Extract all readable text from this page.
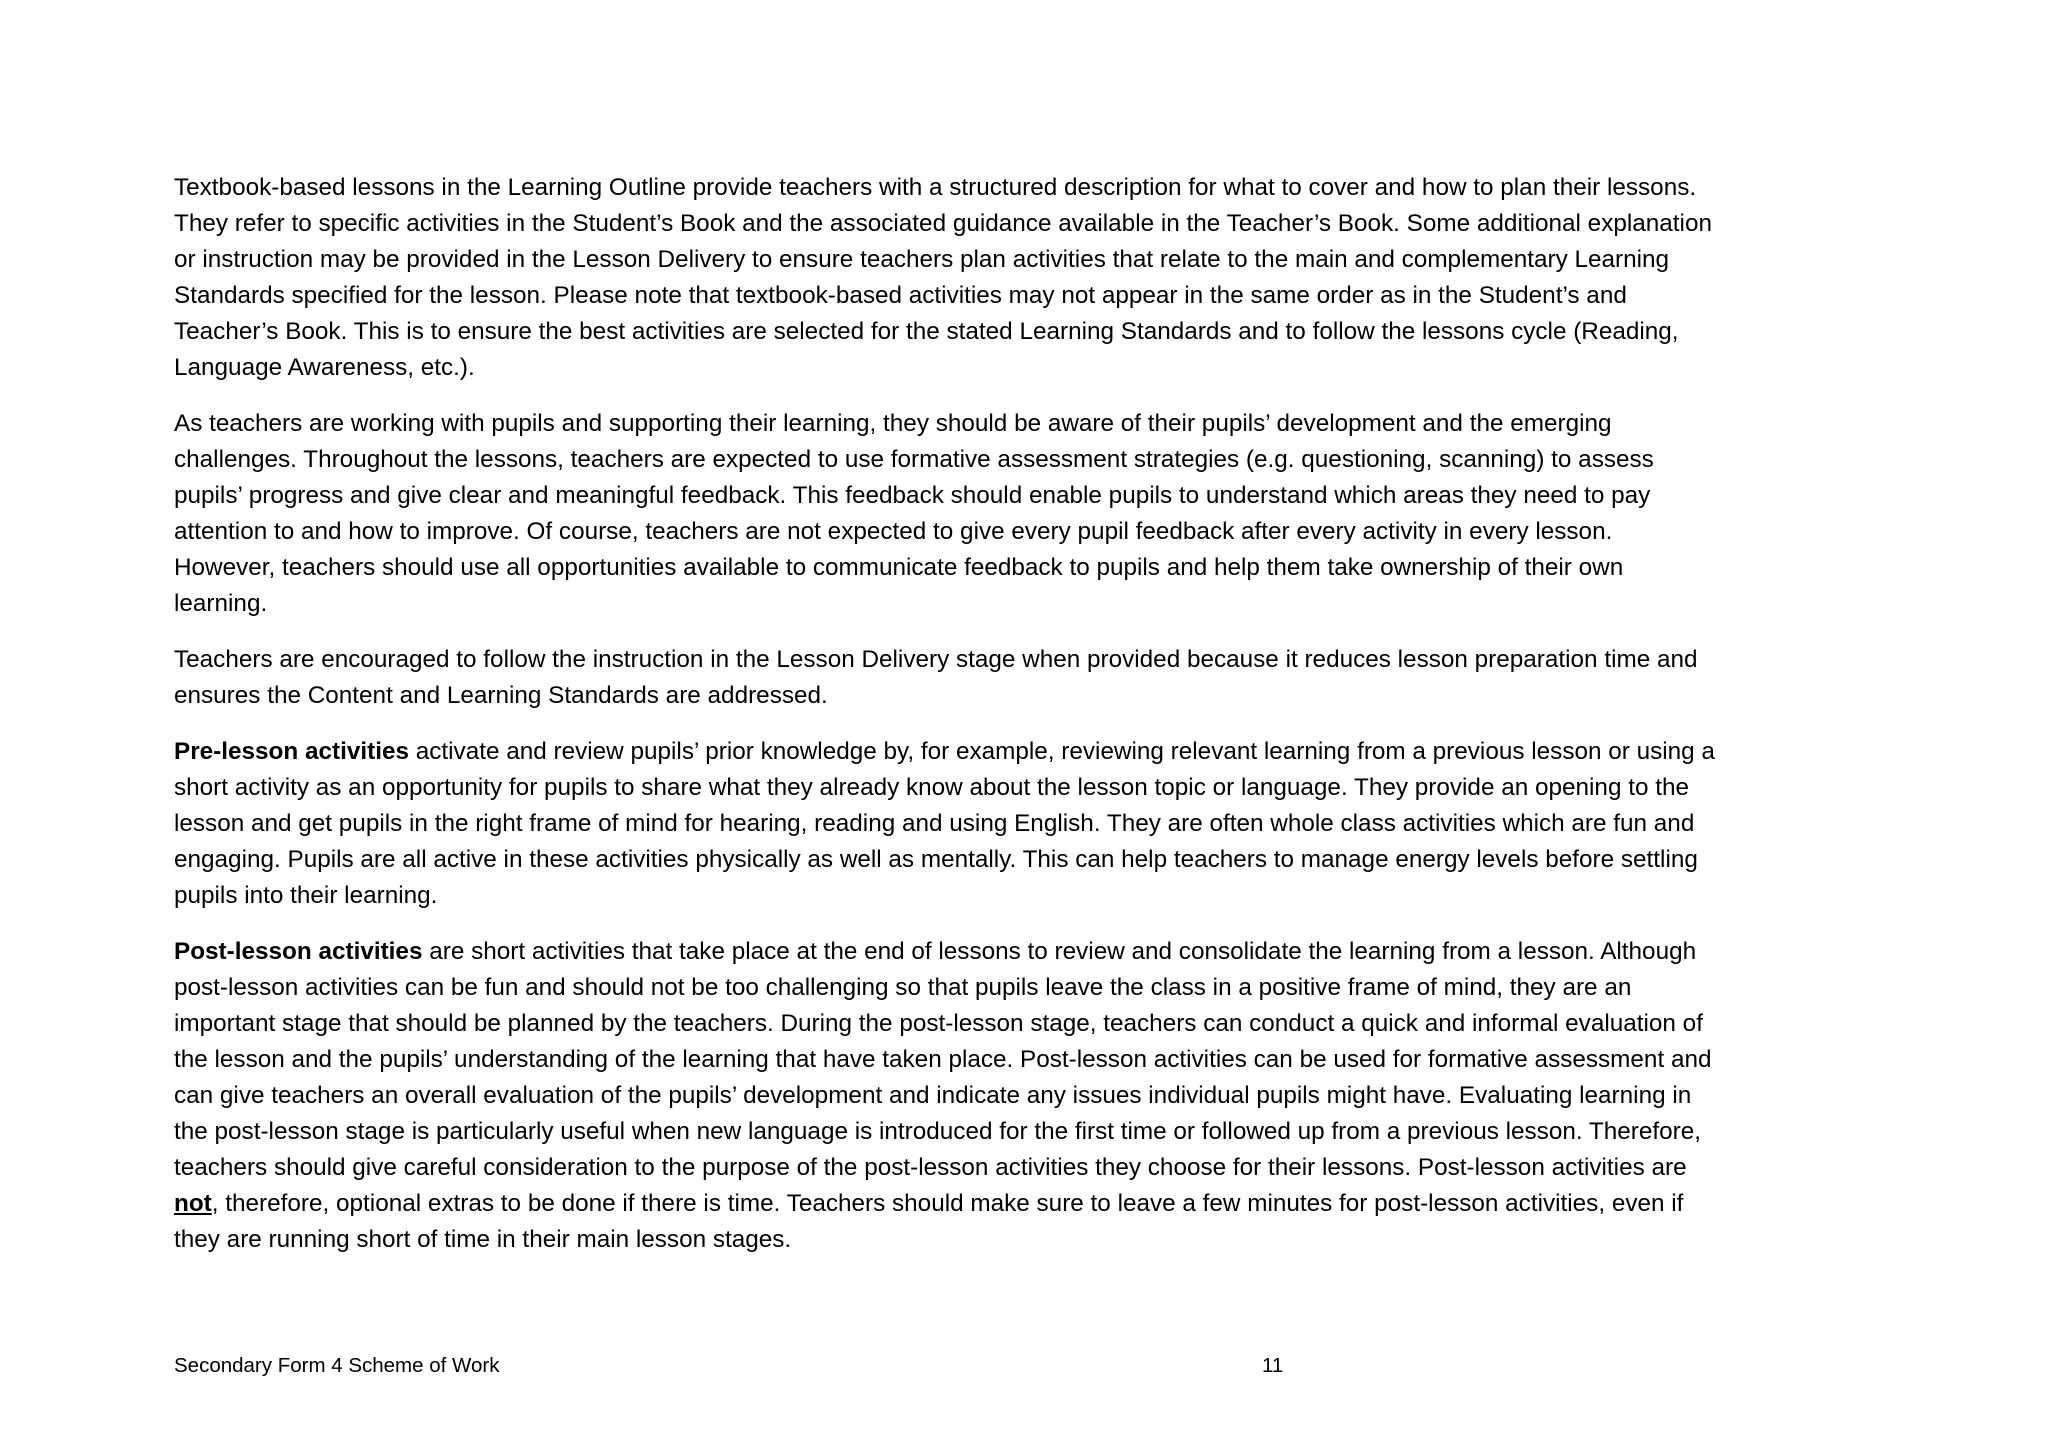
Textbook-based lessons in the Learning Outline provide teachers with a structured description for what to cover and how to plan their lessons.
They refer to specific activities in the Student’s Book and the associated guidance available in the Teacher’s Book. Some additional explanation
or instruction may be provided in the Lesson Delivery to ensure teachers plan activities that relate to the main and complementary Learning
Standards specified for the lesson. Please note that textbook-based activities may not appear in the same order as in the Student’s and
Teacher’s Book. This is to ensure the best activities are selected for the stated Learning Standards and to follow the lessons cycle (Reading,
Language Awareness, etc.).

As teachers are working with pupils and supporting their learning, they should be aware of their pupils’ development and the emerging
challenges. Throughout the lessons, teachers are expected to use formative assessment strategies (e.g. questioning, scanning) to assess
pupils’ progress and give clear and meaningful feedback. This feedback should enable pupils to understand which areas they need to pay
attention to and how to improve. Of course, teachers are not expected to give every pupil feedback after every activity in every lesson.
However, teachers should use all opportunities available to communicate feedback to pupils and help them take ownership of their own
learning.

Teachers are encouraged to follow the instruction in the Lesson Delivery stage when provided because it reduces lesson preparation time and
ensures the Content and Learning Standards are addressed.

Pre-lesson activities activate and review pupils’ prior knowledge by, for example, reviewing relevant learning from a previous lesson or using a
short activity as an opportunity for pupils to share what they already know about the lesson topic or language. They provide an opening to the
lesson and get pupils in the right frame of mind for hearing, reading and using English. They are often whole class activities which are fun and
engaging. Pupils are all active in these activities physically as well as mentally. This can help teachers to manage energy levels before settling
pupils into their learning.

Post-lesson activities are short activities that take place at the end of lessons to review and consolidate the learning from a lesson. Although
post-lesson activities can be fun and should not be too challenging so that pupils leave the class in a positive frame of mind, they are an
important stage that should be planned by the teachers. During the post-lesson stage, teachers can conduct a quick and informal evaluation of
the lesson and the pupils’ understanding of the learning that have taken place. Post-lesson activities can be used for formative assessment and
can give teachers an overall evaluation of the pupils’ development and indicate any issues individual pupils might have. Evaluating learning in
the post-lesson stage is particularly useful when new language is introduced for the first time or followed up from a previous lesson. Therefore,
teachers should give careful consideration to the purpose of the post-lesson activities they choose for their lessons. Post-lesson activities are
not, therefore, optional extras to be done if there is time. Teachers should make sure to leave a few minutes for post-lesson activities, even if
they are running short of time in their main lesson stages.

Secondary Form 4 Scheme of Work	11
